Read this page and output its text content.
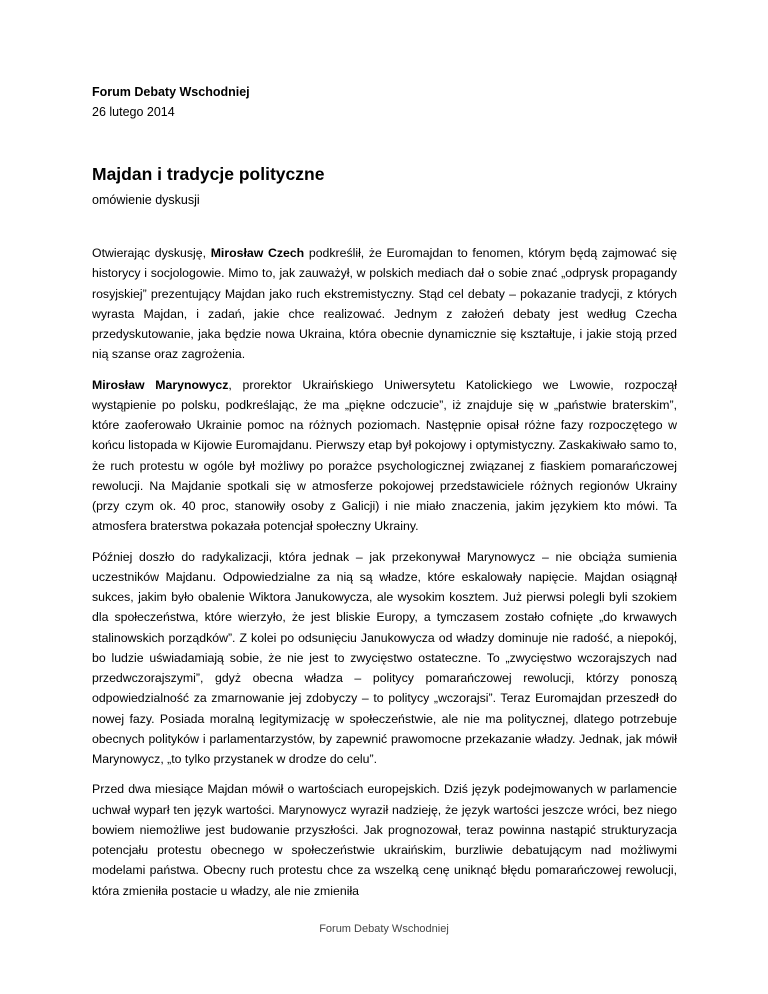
Forum Debaty Wschodniej
26 lutego 2014
Majdan i tradycje polityczne
omówienie dyskusji

Otwierając dyskusję, Mirosław Czech podkreślił, że Euromajdan to fenomen, którym będą zajmować się historycy i socjologowie. Mimo to, jak zauważył, w polskich mediach dał o sobie znać „odprysk propagandy rosyjskiej” prezentujący Majdan jako ruch ekstremistyczny. Stąd cel debaty – pokazanie tradycji, z których wyrasta Majdan, i zadań, jakie chce realizować. Jednym z założeń debaty jest według Czecha przedyskutowanie, jaka będzie nowa Ukraina, która obecnie dynamicznie się kształtuje, i jakie stoją przed nią szanse oraz zagrożenia.

Mirosław Marynowycz, prorektor Ukraińskiego Uniwersytetu Katolickiego we Lwowie, rozpoczął wystąpienie po polsku, podkreślając, że ma „piękne odczucie”, iż znajduje się w „państwie braterskim”, które zaoferowało Ukrainie pomoc na różnych poziomach. Następnie opisał różne fazy rozpoczętego w końcu listopada w Kijowie Euromajdanu. Pierwszy etap był pokojowy i optymistyczny. Zaskakiwało samo to, że ruch protestu w ogóle był możliwy po porażce psychologicznej związanej z fiaskiem pomarańczowej rewolucji. Na Majdanie spotkali się w atmosferze pokojowej przedstawiciele różnych regionów Ukrainy (przy czym ok. 40 proc, stanowiły osoby z Galicji) i nie miało znaczenia, jakim językiem kto mówi. Ta atmosfera braterstwa pokazała potencjał społeczny Ukrainy.

Później doszło do radykalizacji, która jednak – jak przekonywał Marynowycz – nie obciąża sumienia uczestników Majdanu. Odpowiedzialne za nią są władze, które eskalowały napięcie. Majdan osiągnął sukces, jakim było obalenie Wiktora Janukowycza, ale wysokim kosztem. Już pierwsi polegli byli szokiem dla społeczeństwa, które wierzyło, że jest bliskie Europy, a tymczasem zostało cofnięte „do krwawych stalinowskich porządków”. Z kolei po odsunięciu Janukowycza od władzy dominuje nie radość, a niepokój, bo ludzie uświadamiają sobie, że nie jest to zwycięstwo ostateczne. To „zwycięstwo wczorajszych nad przedwczorajszymi”, gdyż obecna władza – politycy pomarańczowej rewolucji, którzy ponoszą odpowiedzialność za zmarnowanie jej zdobyczy – to politycy „wczorajsi”. Teraz Euromajdan przeszedł do nowej fazy. Posiada moralną legitymizację w społeczeństwie, ale nie ma politycznej, dlatego potrzebuje obecnych polityków i parlamentarzystów, by zapewnić prawomocne przekazanie władzy. Jednak, jak mówił Marynowycz, „to tylko przystanek w drodze do celu”.

Przed dwa miesiące Majdan mówił o wartościach europejskich. Dziś język podejmowanych w parlamencie uchwał wyparł ten język wartości. Marynowycz wyraził nadzieję, że język wartości jeszcze wróci, bez niego bowiem niemożliwe jest budowanie przyszłości. Jak prognozował, teraz powinna nastąpić strukturyzacja potencjału protestu obecnego w społeczeństwie ukraińskim, burzliwie debatującym nad możliwymi modelami państwa. Obecny ruch protestu chce za wszelką cenę uniknąć błędu pomarańczowej rewolucji, która zmieniła postacie u władzy, ale nie zmieniła

Forum Debaty Wschodniej
